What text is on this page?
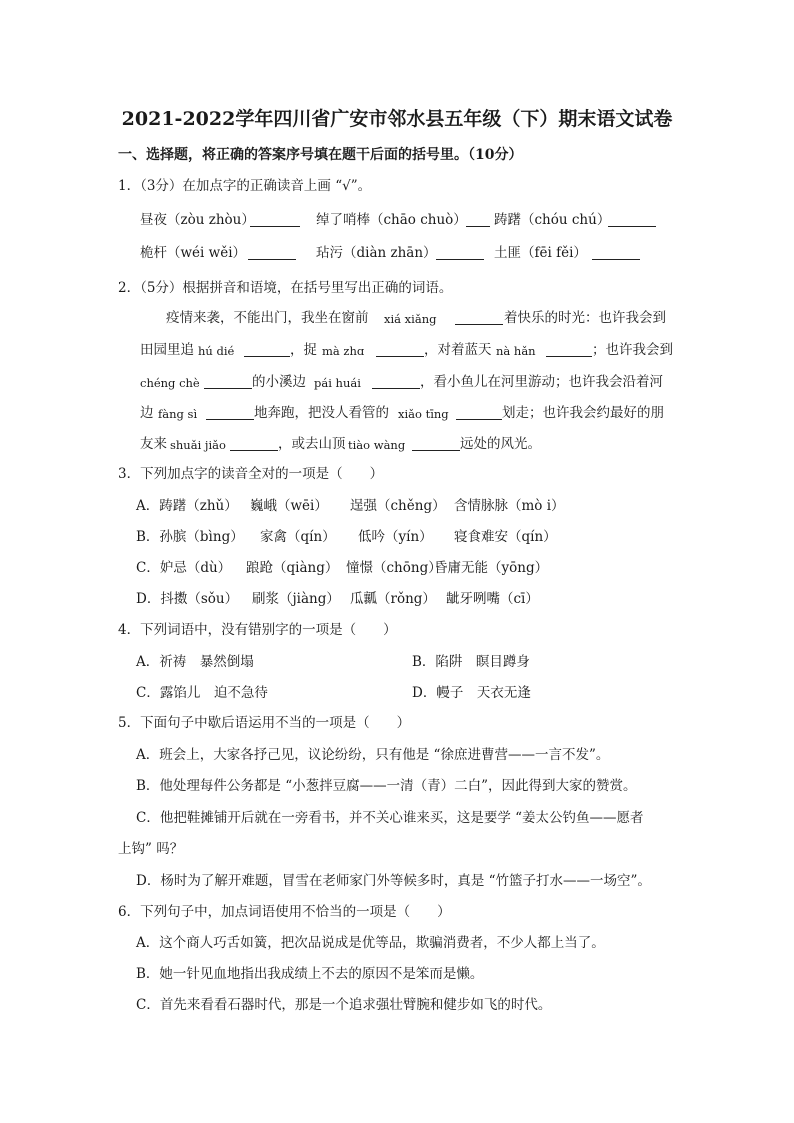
2021-2022学年四川省广安市邻水县五年级（下）期末语文试卷
一、选择题，将正确的答案序号填在题干后面的括号里。（10分）
1．（3分）在加点字的正确读音上画 “√”。
昼夜（zòu zhòu）	绰了哨棒（chāo chuò） 踌躇（chóu chú）
桅杆（wéi wěi）	玷污（diàn zhān）	土匪（fēi fěi）
2．（5分）根据拼音和语境，在括号里写出正确的词语。
疫情来袭，不能出门，我坐在窗前 xiá xiǎng	着快乐的时光：也许我会到
田园里追 hú dié	，捉 mà zhɑ	，对着蓝天 nà hǎn	；也许我会到
chéng chè	的小溪边 pái huái	，看小鱼儿在河里游动；也许我会沿着河
边 fàng sì	地奔跑，把没人看管的 xiǎo tīng	划走；也许我会约最好的朋
友来 shuǎi jiǎo	，或去山顶 tiào wàng	远处的风光。
3．下列加点字的读音全对的一项是（　　）
A．踌躇（zhǔ） 巍峨（wēi） 逞强（chěng） 含情脉脉（mò i）
B．孙膑（bìng） 家禽（qín） 低吟（yín） 寝食难安（qín）
C．妒忌（dù） 踉跄（qiàng） 憧憬（chōng）
昏庸无能（yōng）
D．抖擞（sǒu） 刷浆（jiàng） 瓜瓤（rǒng） 龇牙咧嘴（cī）
4．下列词语中，没有错别字的一项是（　　）
A．祈祷　暴然倒塌	B．陷阱　瞑目蹲身
C．露馅儿　迫不急待	D．幔子　天衣无逢
5．下面句子中歇后语运用不当的一项是（　　）
A．班会上，大家各抒己见，议论纷纷，只有他是 “徐庶进曹营——一言不发”。
B．他处理每件公务都是 “小葱拌豆腐——一清（青）二白”，因此得到大家的赞赏。
C．他把鞋摊铺开后就在一旁看书，并不关心谁来买，这是要学 “姜太公钓鱼——愿者
上钩” 吗？
D．杨时为了解开难题，冒雪在老师家门外等候多时，真是 “竹篮子打水——一场空”。
6．下列句子中，加点词语使用不恰当的一项是（　　）
A．这个商人巧舌如簧，把次品说成是优等品，欺骗消费者，不少人都上当了。
B．她一针见血地指出我成绩上不去的原因不是笨而是懒。
C．首先来看看石器时代，那是一个追求强壮臂腕和健步如飞的时代。
